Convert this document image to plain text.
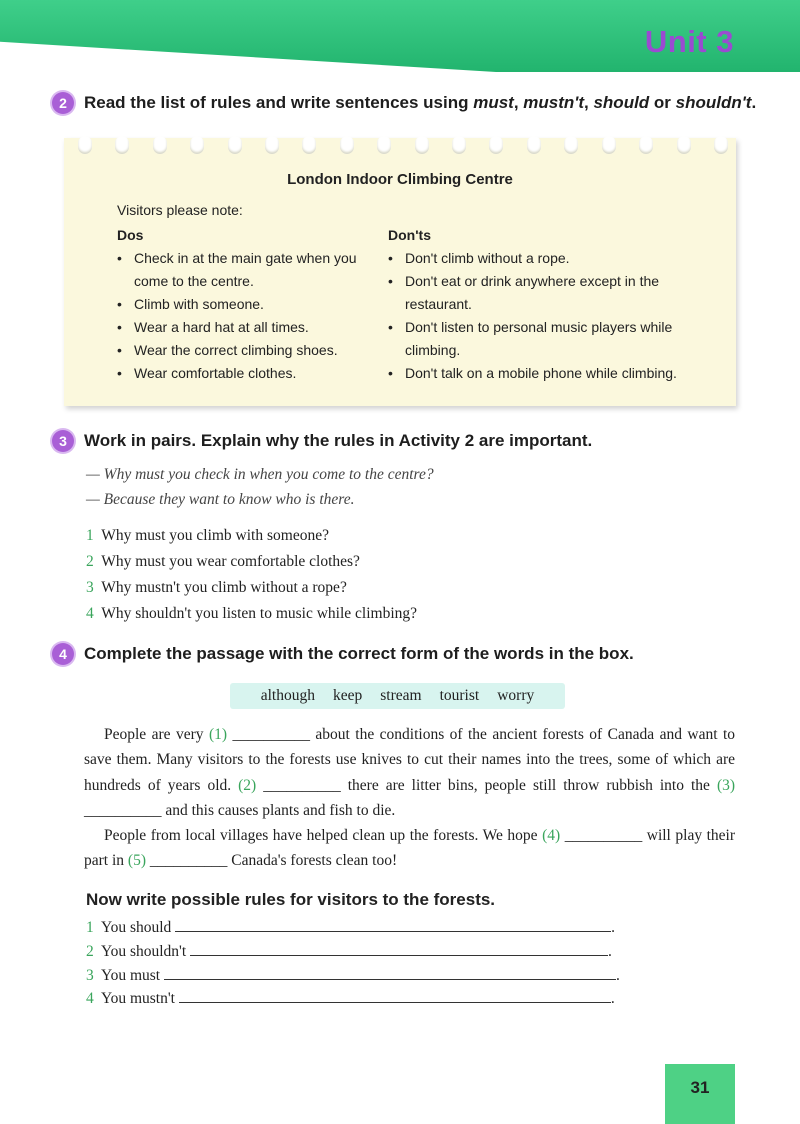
Unit 3
2	Read the list of rules and write sentences using must, mustn't, should or shouldn't.
London Indoor Climbing Centre
Visitors please note:
Dos
• Check in at the main gate when you come to the centre.
• Climb with someone.
• Wear a hard hat at all times.
• Wear the correct climbing shoes.
• Wear comfortable clothes.
Don'ts
• Don't climb without a rope.
• Don't eat or drink anywhere except in the restaurant.
• Don't listen to personal music players while climbing.
• Don't talk on a mobile phone while climbing.
3	Work in pairs. Explain why the rules in Activity 2 are important.
— Why must you check in when you come to the centre?
— Because they want to know who is there.
1 Why must you climb with someone?
2 Why must you wear comfortable clothes?
3 Why mustn't you climb without a rope?
4 Why shouldn't you listen to music while climbing?
4	Complete the passage with the correct form of the words in the box.
although keep stream tourist worry

People are very (1) __________ about the conditions of the ancient forests of Canada and want to save them. Many visitors to the forests use knives to cut their names into the trees, some of which are hundreds of years old. (2) __________ there are litter bins, people still throw rubbish into the (3) __________ and this causes plants and fish to die.

People from local villages have helped clean up the forests. We hope (4) __________ will play their part in (5) __________ Canada's forests clean too!

Now write possible rules for visitors to the forests.
1 You should	.
2 You shouldn't	.
3 You must	.
4 You mustn't	.
31
